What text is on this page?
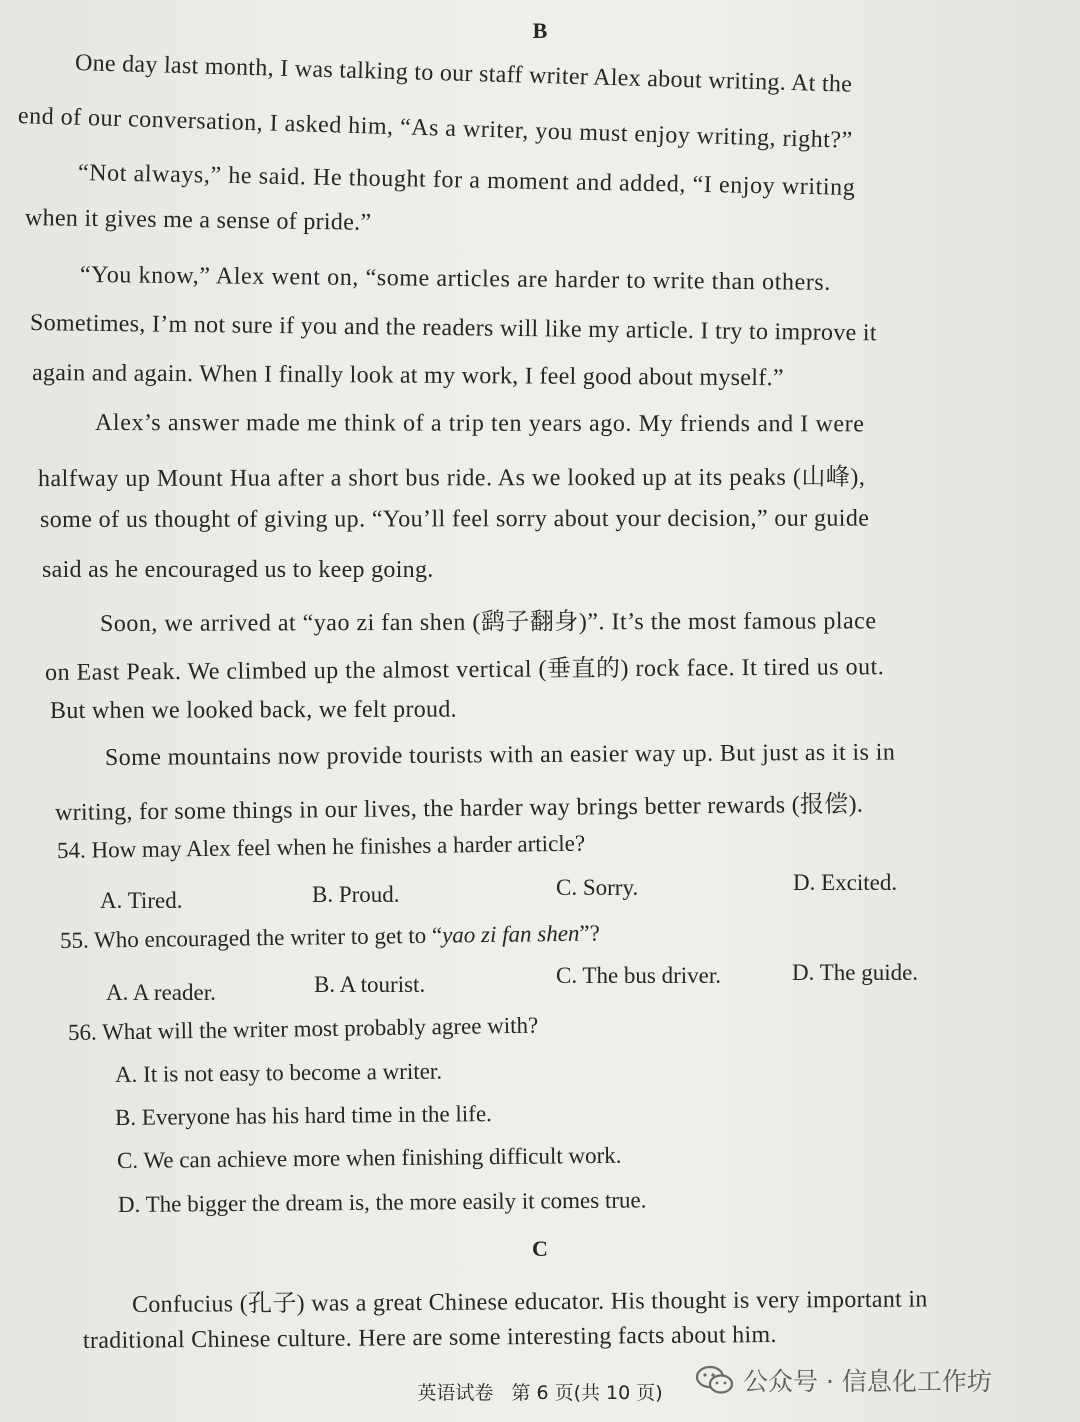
B
One day last month, I was talking to our staff writer Alex about writing. At the
end of our conversation, I asked him, “As a writer, you must enjoy writing, right?”
“Not always,” he said. He thought for a moment and added, “I enjoy writing
when it gives me a sense of pride.”
“You know,” Alex went on, “some articles are harder to write than others.
Sometimes, I’m not sure if you and the readers will like my article. I try to improve it
again and again. When I finally look at my work, I feel good about myself.”
Alex’s answer made me think of a trip ten years ago. My friends and I were
halfway up Mount Hua after a short bus ride. As we looked up at its peaks (山峰),
some of us thought of giving up. “You’ll feel sorry about your decision,” our guide
said as he encouraged us to keep going.
Soon, we arrived at “yao zi fan shen (鹞子翻身)”. It’s the most famous place
on East Peak. We climbed up the almost vertical (垂直的) rock face. It tired us out.
But when we looked back, we felt proud.
Some mountains now provide tourists with an easier way up. But just as it is in
writing, for some things in our lives, the harder way brings better rewards (报偿).
54. How may Alex feel when he finishes a harder article?
A. Tired.	B. Proud.	C. Sorry.	D. Excited.
55. Who encouraged the writer to get to “yao zi fan shen”?
A. A reader.	B. A tourist.	C. The bus driver.	D. The guide.
56. What will the writer most probably agree with?
A. It is not easy to become a writer.
B. Everyone has his hard time in the life.
C. We can achieve more when finishing difficult work.
D. The bigger the dream is, the more easily it comes true.
C
Confucius (孔子) was a great Chinese educator. His thought is very important in
traditional Chinese culture. Here are some interesting facts about him.
英语试卷 第 6 页(共 10 页)	公众号 · 信息化工作坊
